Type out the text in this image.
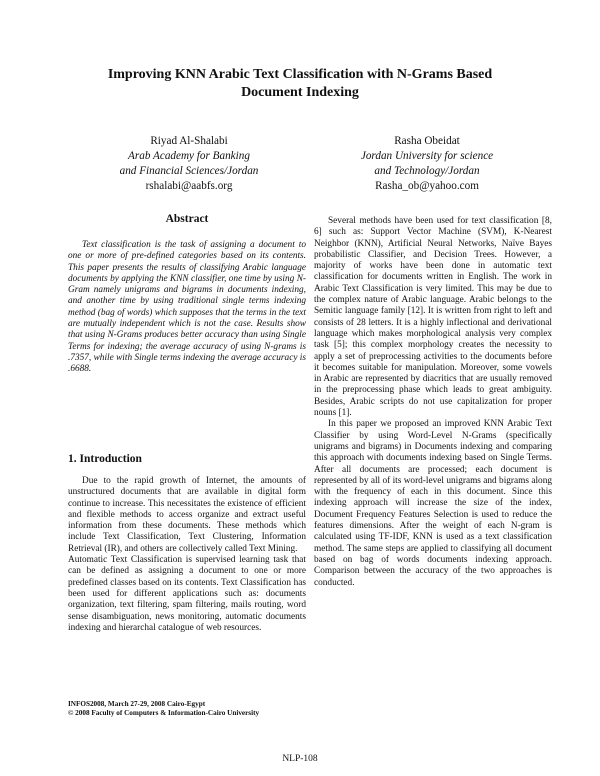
Improving KNN Arabic Text Classification with N-Grams Based
Document Indexing
Riyad Al-Shalabi
Arab Academy for Banking
and Financial Sciences/Jordan
rshalabi@aabfs.org
Rasha Obeidat
Jordan University for science
and Technology/Jordan
Rasha_ob@yahoo.com
Abstract

Text classification is the task of assigning a document to one or more of pre-defined categories based on its contents. This paper presents the results of classifying Arabic language documents by applying the KNN classifier, one time by using N-Gram namely unigrams and bigrams in documents indexing, and another time by using traditional single terms indexing method (bag of words) which supposes that the terms in the text are mutually independent which is not the case. Results show that using N-Grams produces better accuracy than using Single Terms for indexing; the average accuracy of using N-grams is .7357, while with Single terms indexing the average accuracy is .6688.

1. Introduction

Due to the rapid growth of Internet, the amounts of unstructured documents that are available in digital form continue to increase. This necessitates the existence of efficient and flexible methods to access organize and extract useful information from these documents. These methods which include Text Classification, Text Clustering, Information Retrieval (IR), and others are collectively called Text Mining.

Automatic Text Classification is supervised learning task that can be defined as assigning a document to one or more predefined classes based on its contents. Text Classification has been used for different applications such as: documents organization, text filtering, spam filtering, mails routing, word sense disambiguation, news monitoring, automatic documents indexing and hierarchal catalogue of web resources.

Several methods have been used for text classification [8, 6] such as: Support Vector Machine (SVM), K-Nearest Neighbor (KNN), Artificial Neural Networks, Naïve Bayes probabilistic Classifier, and Decision Trees. However, a majority of works have been done in automatic text classification for documents written in English. The work in Arabic Text Classification is very limited. This may be due to the complex nature of Arabic language. Arabic belongs to the Semitic language family [12]. It is written from right to left and consists of 28 letters. It is a highly inflectional and derivational language which makes morphological analysis very complex task [5]; this complex morphology creates the necessity to apply a set of preprocessing activities to the documents before it becomes suitable for manipulation. Moreover, some vowels in Arabic are represented by diacritics that are usually removed in the preprocessing phase which leads to great ambiguity. Besides, Arabic scripts do not use capitalization for proper nouns [1].

In this paper we proposed an improved KNN Arabic Text Classifier by using Word-Level N-Grams (specifically unigrams and bigrams) in Documents indexing and comparing this approach with documents indexing based on Single Terms. After all documents are processed; each document is represented by all of its word-level unigrams and bigrams along with the frequency of each in this document. Since this indexing approach will increase the size of the index, Document Frequency Features Selection is used to reduce the features dimensions. After the weight of each N-gram is calculated using TF-IDF, KNN is used as a text classification method. The same steps are applied to classifying all document based on bag of words documents indexing approach. Comparison between the accuracy of the two approaches is conducted.

INFOS2008, March 27-29, 2008 Cairo-Egypt
© 2008 Faculty of Computers & Information-Cairo University
NLP-108
